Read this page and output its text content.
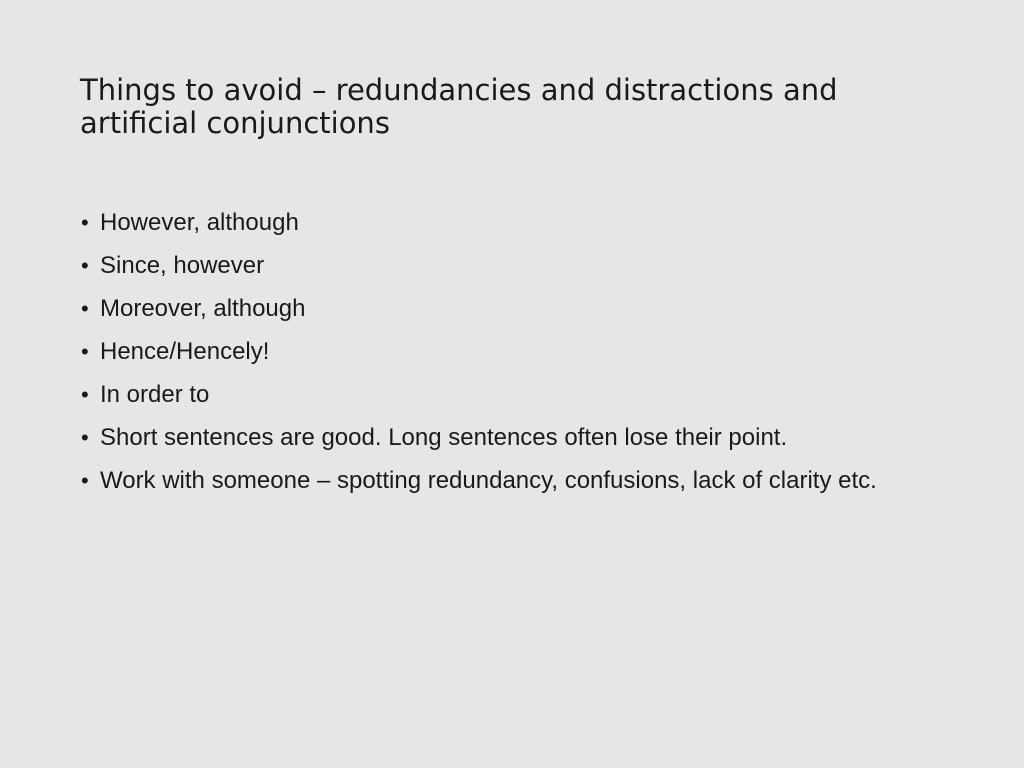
Things to avoid – redundancies and distractions and artificial conjunctions
• However, although
• Since, however
• Moreover, although
• Hence/Hencely!
• In order to
• Short sentences are good. Long sentences often lose their point.
• Work with someone – spotting redundancy, confusions, lack of clarity etc.
